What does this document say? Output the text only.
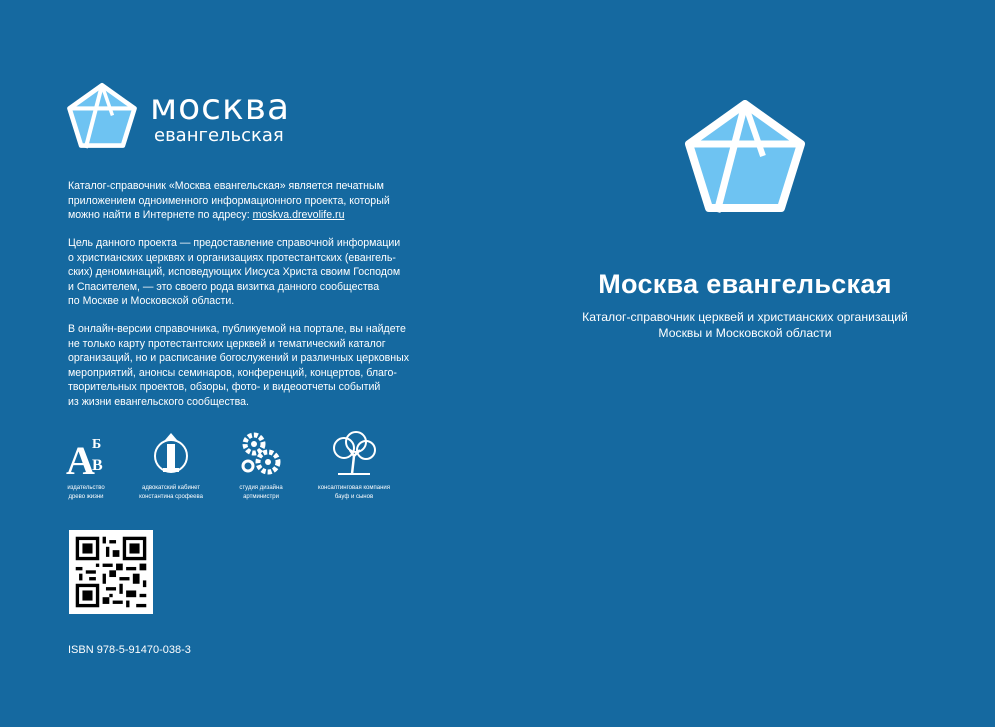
москва
евангельская

Каталог-справочник «Москва евангельская» является печатным

приложением одноименного информационного проекта, который

можно найти в Интернете по адресу: moskva.drevolife.ru

Цель данного проекта — предоставление справочной информации

о христианских церквях и организациях протестантских (евангель-

ских) деноминаций, исповедующих Иисуса Христа своим Господом

и Спасителем, — это своего рода визитка данного сообщества

по Москве и Московской области.

В онлайн-версии справочника, публикуемой на портале, вы найдете

не только карту протестантских церквей и тематический каталог

организаций, но и расписание богослужений и различных церковных

мероприятий, анонсы семинаров, конференций, концертов, благо-

творительных проектов, обзоры, фото- и видеоотчеты событий

из жизни евангельского сообщества.

А
Б
В
издательство
древо жизни
адвокатский кабинет
константина срофеева
студия дизайна
артминистри
консалтинговая компания
бауф и сынов
ISBN 978-5-91470-038-3
Москва евангельская
Каталог-справочник церквей и христианских организаций
Москвы и Московской области
